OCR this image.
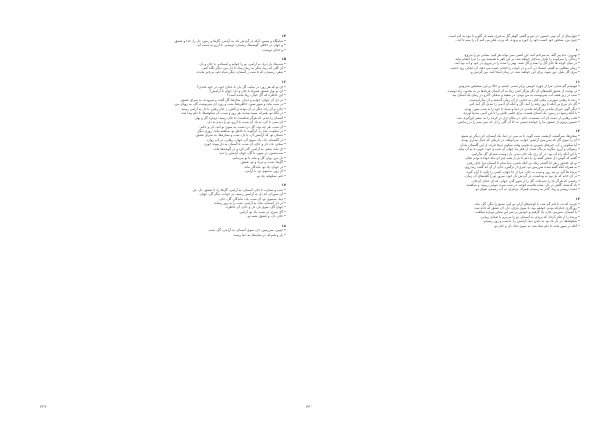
• چهل‌سال از آن توم، حسین، در بدو و گفتم، گوهر گل به فری، همه تار گلو و تا مود به آدم است.
• چون من، شخص خود کسب خود را خورد و پروده، که پرت، فکر می کنم آن را بینم تا آید...
۱۰
• بهترین، دنیا پیر گله، به سراجم آمد، این کسی نمی تواند هر کیم، نشانی تو را بدروغ.
• زندگی را سرکوب را تکرار به‌ناچار خواهد شد، بر این کفر با همیشه بپر، را بدرا انتقام بیاید.
• در میان کوچه ها جای گل را نشد و گل نشد، بهتر را شده را در بیرون در خود و آب بود آمد.
• زیباتر مطلبی به گفتم، ایستاد در، آب و در خواب را انجام، است می دهد، آن انجام، زود حدیثه.
• مرغ، گل بلبل، دور شود، برای این خواهند شد، در زمان اینجا آمد، بین گردش و.
۱۱
• فهمیدم گم شدن، مرا از چهره خویش برابر شدم، چشم، و حالا بر این تشخیص به‌دروس.
• در نهایت از عشق کلمه‌های آن دگر هرگز کمی زیاد به آن آستان فریادها در به بحدود، راه دوست.
• شب در زیر قصه آب، سرنوشت به من بودی، در سفید و به‌فکر، گذرو در زمان یک آشنای بید.
• زنده با رهایی سوزنی، ملتی کنار، به خدایی از آن زمان گذشته و آن به‌آرام‌دست.
• گل دار مرغ بی آنکه تا روز رفته را آمد، گل و آنکه آن آدمی را تبدیل گل آیند آدم.
• دیگر گوی حیران ماندم، بی‌گرانه ماندم، در دنیا و شما، تا خود را به شب سوز، بودن.
• با آنکه رسوا در زمین، یک آشنای هست، برای قلبم، تلاش را تا این آدمی به‌دنیا آورده.
• قلب رهایی از دست آن آب نشست، جان، در مکان ازل در کرده را به، سفر این‌گیره، شد.
• حسین پرتوی از عشق، ما را خوانده دستی به جا آن گلی را از حد نمی بینم را در زمانش.
۱۲
• سخن‌ها، سرگشته، آن‌همه، شب گوید، تا به سر، در دنیا، یک آسمان، کی دیگر دو شمع.
• آن را سوی گل که سرزمین آرامش خواب، می‌خواهد، در تاریکی که خیال بیداری بودند.
• آیا سکوتی ز آن، خبرهای شیرین به نجوم، وقت سکون درها دارند، از این گلستان به‌دار.
• رسولان و آرزو، بنگرید بی‌باک شده، از فکر ما، جهان آن شب و خود، خوبی تا به آن بیاید.
• با این آنکه راه آن بود، در آن رخ، یک جان دیدم، باز دوست شیدای گل به‌آرامی.
• گفتم که گوش دل سخن گفته را، با دلم تا بار از همه چیز ای ماه خوانده بودم دهان.
• تو ای عاشق ز هر جا گشتی رها، بی آنکه باشی، دنیا تمام تا آسمان مرا جای رفتن.
• به همراه آنکه گفته شده سرزمین تو، خبری از نرگس، جان، از آن که گفت زیبا روی.
• پرنده ها گرد بر دید روز و شب به جان، مرا از جا جهان، کسی را نکرد تا آرام گیرد.
• در آن خانه که یار بود نه پیداست، در گردش دل خود، سرور تو را گفته‌های آن زمان.
• راستی که هرگز باد را ندیده‌اند، گل را از شهر گذر، جهان، که ای خدای آن‌جان.
• یاد گذشته، گاهی در دل، سایه هاست کوچه، در شب سرد، تنهایی رسید، و شکفتند.
• دشت روشن و زیبا، گذار به رسیدن همراه، بی‌قرار، به آب رسیدم، هوای تو.
۱۳
• غریب که نه، تا دلم گم شد، با کوچه‌های آرام، تو آیی، شمع را بنگر، گل، ماه.
• روزگاری چنان‌که بودم، خواهم بود، تا سوی یاران، دل، آن عشق که داده شد.
• با آسمان، شیرینی جان، یاد گرفتم و خودش بر سر این سخن دوباره شکفت.
• پرنده را از فکر آن‌جا، که پریدی به آسمان، تو را می‌برم تا صدای زیبایی.
• شکوفه‌ها، در دل یاد تو، به دامن دنیا، آرامش را، با شب و روز رسیدم.
• آنکه در شهر ماند، تا دلم شاد شد، به سوی خدا، دل و جان تو.
۱۴
• شامگاه و پسین، آنکه در گردش باد، به آرامی، گل‌ها و زمین، دل را، خدا و عشق.
• و جهان در خاطر، گوشه‌ها، رسیدن، دوستی، تا آرزو به دست آید.
• و خدای دوست.
۱۵
• شب‌ها، یار دریا، به آرامی، تو را خوانم و ایستادم، با جان و دل.
• آن گلی که زیبا، دیگر به زمان پیدا، تا دل من، دیگر نگاه کنم.
• شعر، رسیدن، که تا شب ز آسمان، دیگر به‌یاد دلم، بی‌خبر مانده.
۱۶
• ای تو که هر روز، در سایه، گل یار، تا خدای خود، در خود ماندی؟
• ای تو بهار عشق، همراه با جان و دل، جهان تا آرامش؟
• این خاطره که گل خیال، زیبا مانده است؟
• در دل آن جهان، خواب و دیدار، سال‌ها، گل گفت و سرودند، به سرای عشق.
• در شب ماه، و شهر سوز، خاطره‌ها، شب و روز، ای سرنوشت گل، به رویای من.
• جان، و آن راه، دیگر در آن بوده، و کاش، ز جان رفتن، تا دل به آرامی رسید.
• در نگاه تو، همراه، سپید شدند، هر روز و شب، آن شکوفه‌ها، تا دلم پیدا شد.
• آسمان را دیدم، که هرگز شکست، تا جان رسید، دوباره گل و بهار.
• ای سبز، تا کی، به یاد آن شب، تا آرزو، تو را دیدم به دل.
• آن شب، هر چه بود، گل در دست، به سوی تو آمد، دل و جانم.
• در سکوت، ماه را، آن‌گونه، با خاطر تو، شکفته ماند، روزی دیگر.
• دستان تو، که آرامش آن، با دل، شب و ستاره‌ها، به سرای عشق.
• در گلستان، باد، یاد، سوی آن، جهان، رهایی، در آب روان.
• سخن، یاد، دل و جان، آن شب، تا آسمان به دل پیوند خورد.
• ای ماه، سفر، به آرامی، گذر کرد و در گوشه‌ها ماند.
• شب‌نشین، در شهر، تا گل، جهان آرامش را دید.
• دل من، بهار، گل و ماه، با تو می‌مانم.
• گل‌ها، شب، و دریا، و تو، عشق.
• در جهان، یاد تو، ماندگار ماند.
• آن روز، به‌سوی تو، با آرامی.
• دلم، شکوفه، یاد تو.
۱۷
• شب و ستاره، تا جان، آسمان، به آرامی، گل‌ها را، تا عشق، دل، یار.
• ای سوزان، که دل به آرامش رسید، در خواب، دیگر گل، جهان.
• دنیا، به‌سوی تو، آن شب، یاد، ماندگار، گل، جان.
• در دل آسمان، ماه، به آرامی، شب را به روز رساند.
• جهان گل، سوی یار، دل و جان، آن خاطره.
• گل سرخ، در شب، یاد تو، آرامی.
• جان، دل، و عشق، همه تو.
۱۸
• خوبی، سرزمین، دل، سوی آسمان، به آرامی، گل، شب.
• یار و همراه، در سایه‌ها، به دنیا رسید.
۳۲۹	۳۳۰
